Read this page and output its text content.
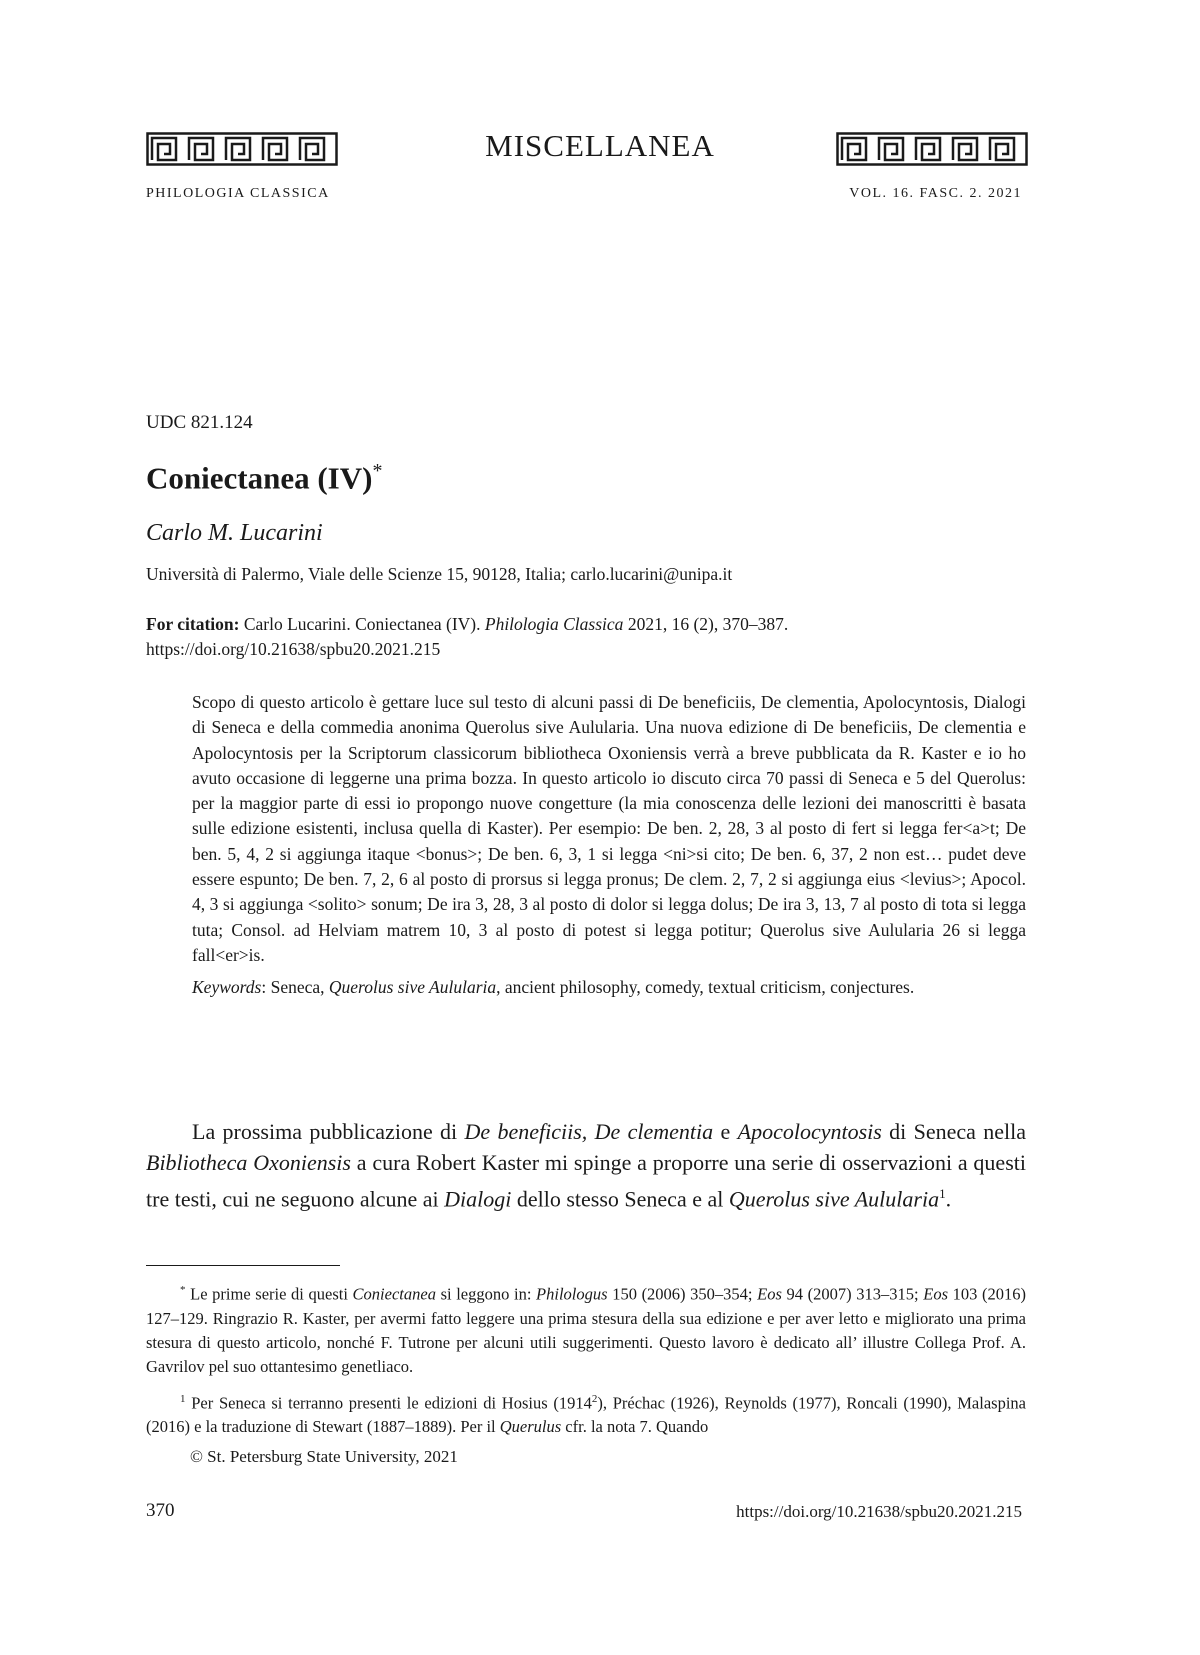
MISCELLANEA
PHILOLOGIA CLASSICA	VOL. 16. FASC. 2. 2021
UDC 821.124
Coniectanea (IV)*
Carlo M. Lucarini
Università di Palermo, Viale delle Scienze 15, 90128, Italia; carlo.lucarini@unipa.it
For citation: Carlo Lucarini. Coniectanea (IV). Philologia Classica 2021, 16 (2), 370–387.
https://doi.org/10.21638/spbu20.2021.215

Scopo di questo articolo è gettare luce sul testo di alcuni passi di De beneficiis, De clementia, Apolocyntosis, Dialogi di Seneca e della commedia anonima Querolus sive Aulularia. Una nuova edizione di De beneficiis, De clementia e Apolocyntosis per la Scriptorum classicorum bibliotheca Oxoniensis verrà a breve pubblicata da R. Kaster e io ho avuto occasione di leggerne una prima bozza. In questo articolo io discuto circa 70 passi di Seneca e 5 del Querolus: per la maggior parte di essi io propongo nuove congetture (la mia conoscenza delle lezioni dei manoscritti è basata sulle edizione esistenti, inclusa quella di Kaster). Per esempio: De ben. 2, 28, 3 al posto di fert si legga fer<a>t; De ben. 5, 4, 2 si aggiunga itaque <bonus>; De ben. 6, 3, 1 si legga <ni>si cito; De ben. 6, 37, 2 non est… pudet deve essere espunto; De ben. 7, 2, 6 al posto di prorsus si legga pronus; De clem. 2, 7, 2 si aggiunga eius <levius>; Apocol. 4, 3 si aggiunga <solito> sonum; De ira 3, 28, 3 al posto di dolor si legga dolus; De ira 3, 13, 7 al posto di tota si legga tuta; Consol. ad Helviam matrem 10, 3 al posto di potest si legga potitur; Querolus sive Aulularia 26 si legga fall<er>is.

Keywords: Seneca, Querolus sive Aulularia, ancient philosophy, comedy, textual criticism, conjectures.

La prossima pubblicazione di De beneficiis, De clementia e Apocolocyntosis di Seneca nella Bibliotheca Oxoniensis a cura Robert Kaster mi spinge a proporre una serie di osservazioni a questi tre testi, cui ne seguono alcune ai Dialogi dello stesso Seneca e al Querolus sive Aulularia$^1$.

* Le prime serie di questi Coniectanea si leggono in: Philologus 150 (2006) 350–354; Eos 94 (2007) 313–315; Eos 103 (2016) 127–129. Ringrazio R. Kaster, per avermi fatto leggere una prima stesura della sua edizione e per aver letto e migliorato una prima stesura di questo articolo, nonché F. Tutrone per alcuni utili suggerimenti. Questo lavoro è dedicato all’ illustre Collega Prof. A. Gavrilov pel suo ottantesimo genetliaco.

$^1$ Per Seneca si terranno presenti le edizioni di Hosius (1914$^2$), Préchac (1926), Reynolds (1977), Roncali (1990), Malaspina (2016) e la traduzione di Stewart (1887–1889). Per il Querulus cfr. la nota 7. Quando

© St. Petersburg State University, 2021
370	https://doi.org/10.21638/spbu20.2021.215
